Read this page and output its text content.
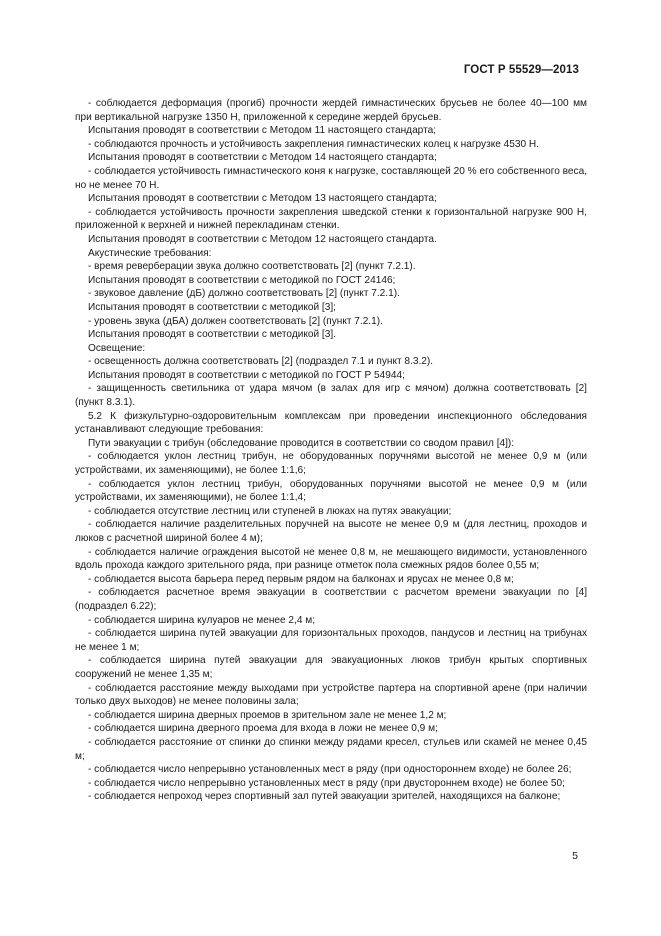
ГОСТ Р 55529—2013

- соблюдается деформация (прогиб) прочности жердей гимнастических брусьев не более 40—100 мм при вертикальной нагрузке 1350 Н, приложенной к середине жердей брусьев.

Испытания проводят в соответствии с Методом 11 настоящего стандарта;

- соблюдаются прочность и устойчивость закрепления гимнастических колец к нагрузке 4530 Н.

Испытания проводят в соответствии с Методом 14 настоящего стандарта;

- соблюдается устойчивость гимнастического коня к нагрузке, составляющей 20 % его собственного веса, но не менее 70 Н.

Испытания проводят в соответствии с Методом 13 настоящего стандарта;

- соблюдается устойчивость прочности закрепления шведской стенки к горизонтальной нагрузке 900 Н, приложенной к верхней и нижней перекладинам стенки.

Испытания проводят в соответствии с Методом 12 настоящего стандарта.

Акустические требования:

- время реверберации звука должно соответствовать [2] (пункт 7.2.1).

Испытания проводят в соответствии с методикой по ГОСТ 24146;

- звуковое давление (дБ) должно соответствовать [2] (пункт 7.2.1).

Испытания проводят в соответствии с методикой [3];

- уровень звука (дБА) должен соответствовать [2] (пункт 7.2.1).

Испытания проводят в соответствии с методикой [3].

Освещение:

- освещенность должна соответствовать [2] (подраздел 7.1 и пункт 8.3.2).

Испытания проводят в соответствии с методикой по ГОСТ Р 54944;

- защищенность светильника от удара мячом (в залах для игр с мячом) должна соответствовать [2] (пункт 8.3.1).

5.2 К физкультурно-оздоровительным комплексам при проведении инспекционного обследования устанавливают следующие требования:

Пути эвакуации с трибун (обследование проводится в соответствии со сводом правил [4]):

- соблюдается уклон лестниц трибун, не оборудованных поручнями высотой не менее 0,9 м (или устройствами, их заменяющими), не более 1:1,6;

- соблюдается уклон лестниц трибун, оборудованных поручнями высотой не менее 0,9 м (или устройствами, их заменяющими), не более 1:1,4;

- соблюдается отсутствие лестниц или ступеней в люках на путях эвакуации;

- соблюдается наличие разделительных поручней на высоте не менее 0,9 м (для лестниц, проходов и люков с расчетной шириной более 4 м);

- соблюдается наличие ограждения высотой не менее 0,8 м, не мешающего видимости, установленного вдоль прохода каждого зрительного ряда, при разнице отметок пола смежных рядов более 0,55 м;

- соблюдается высота барьера перед первым рядом на балконах и ярусах не менее 0,8 м;

- соблюдается расчетное время эвакуации в соответствии с расчетом времени эвакуации по [4] (подраздел 6.22);

- соблюдается ширина кулуаров не менее 2,4 м;

- соблюдается ширина путей эвакуации для горизонтальных проходов, пандусов и лестниц на трибунах не менее 1 м;

- соблюдается ширина путей эвакуации для эвакуационных люков трибун крытых спортивных сооружений не менее 1,35 м;

- соблюдается расстояние между выходами при устройстве партера на спортивной арене (при наличии только двух выходов) не менее половины зала;

- соблюдается ширина дверных проемов в зрительном зале не менее 1,2 м;

- соблюдается ширина дверного проема для входа в ложи не менее 0,9 м;

- соблюдается расстояние от спинки до спинки между рядами кресел, стульев или скамей не менее 0,45 м;

- соблюдается число непрерывно установленных мест в ряду (при одностороннем входе) не более 26;

- соблюдается число непрерывно установленных мест в ряду (при двустороннем входе) не более 50;

- соблюдается непроход через спортивный зал путей эвакуации зрителей, находящихся на балконе;

5
